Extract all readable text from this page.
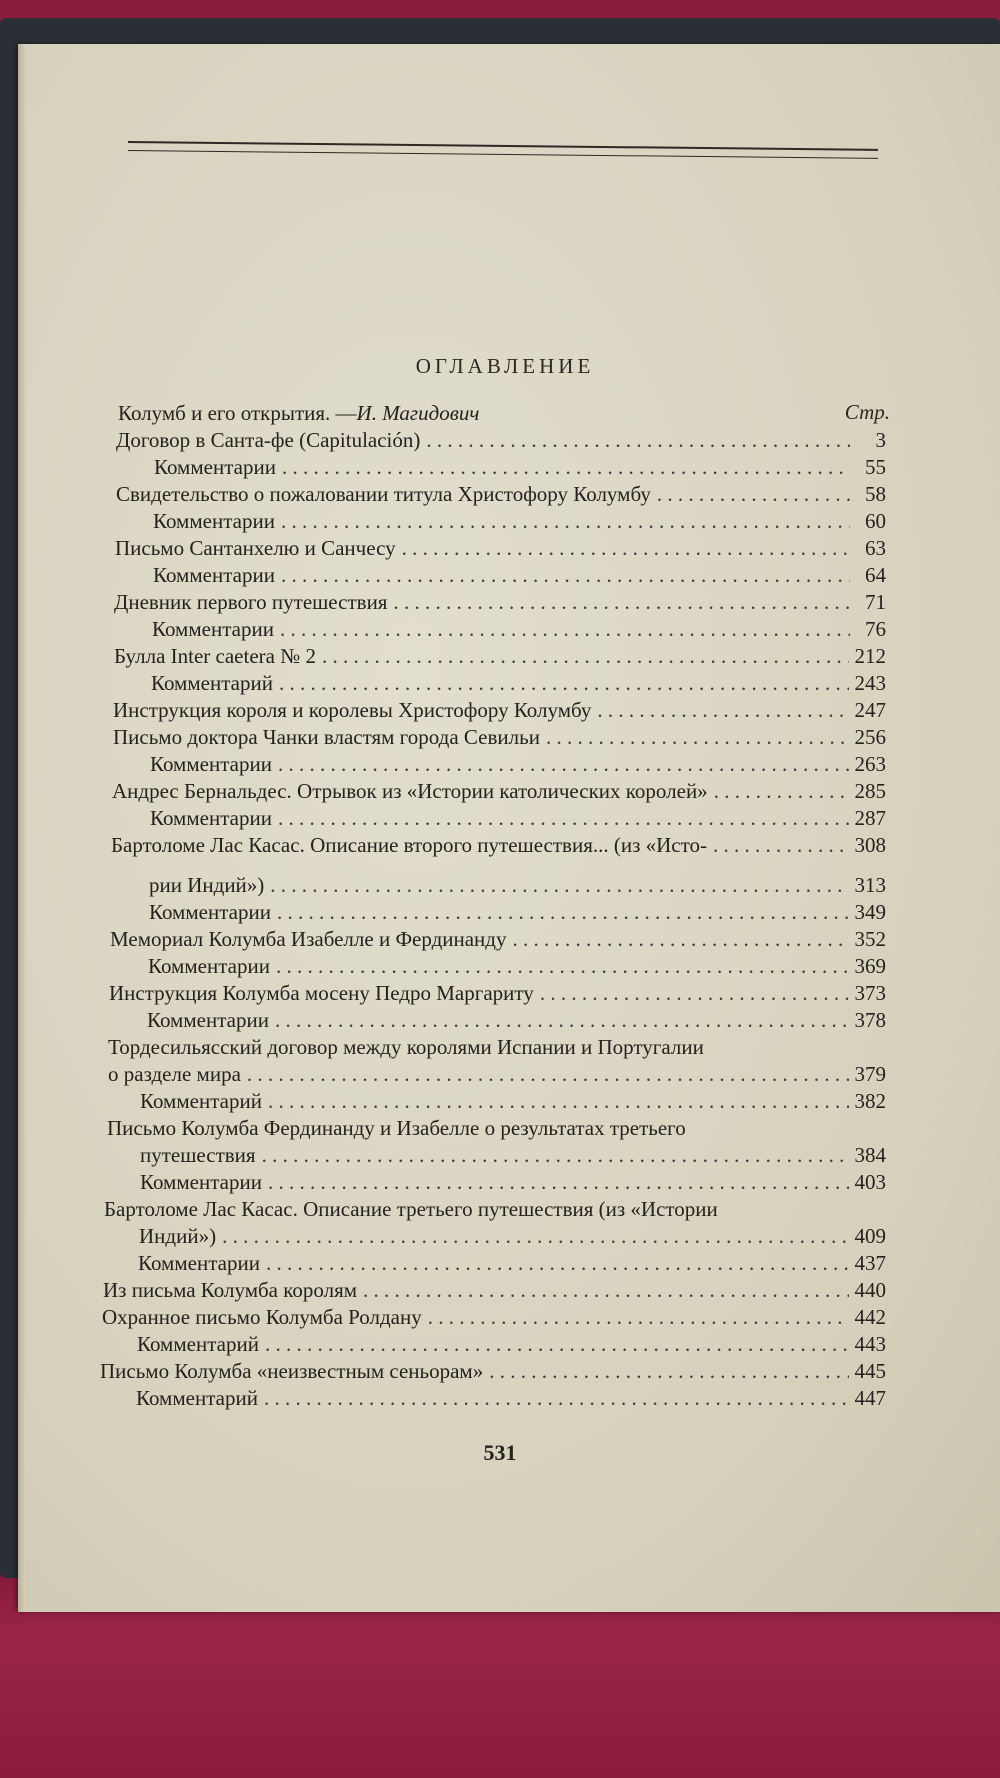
ОГЛАВЛЕНИЕ
Колумб и его открытия. — И. Магидович	Стр.
Договор в Санта-фе (Capitulación) . . .	3
Комментарии . . .	55
Свидетельство о пожаловании титула Христофору Колумбу . . .	58
Комментарии . . .	60
Письмо Сантанхелю и Санчесу . . .	63
Комментарии . . .	64
Дневник первого путешествия . . .	71
Комментарии . . .	76
Булла Inter caetera № 2 . . .	212
Комментарий . . .	243
Инструкция короля и королевы Христофору Колумбу . . .	247
Письмо доктора Чанки властям города Севильи . . .	256
Комментарии . . .	263
Андрес Бернальдес. Отрывок из «Истории католических королей» . . .	285
Комментарии . . .	287
Бартоломе Лас Касас. Описание второго путешествия... (из «Исто- . . .	308
рии Индий») . . .	313
Комментарии . . .	349
Мемориал Колумба Изабелле и Фердинанду . . .	352
Комментарии . . .	369
Инструкция Колумба мосену Педро Маргариту . . .	373
Комментарии . . .	378
Тордесильясский договор между королями Испании и Португалии
о разделе мира . . .	379
Комментарий . . .	382
Письмо Колумба Фердинанду и Изабелле о результатах третьего
путешествия . . .	384
Комментарии . . .	403
Бартоломе Лас Касас. Описание третьего путешествия (из «Истории
Индий») . . .	409
Комментарии . . .	437
Из письма Колумба королям . . .	440
Охранное письмо Колумба Ролдану . . .	442
Комментарий . . .	443
Письмо Колумба «неизвестным сеньорам» . . .	445
Комментарий . . .	447
531
